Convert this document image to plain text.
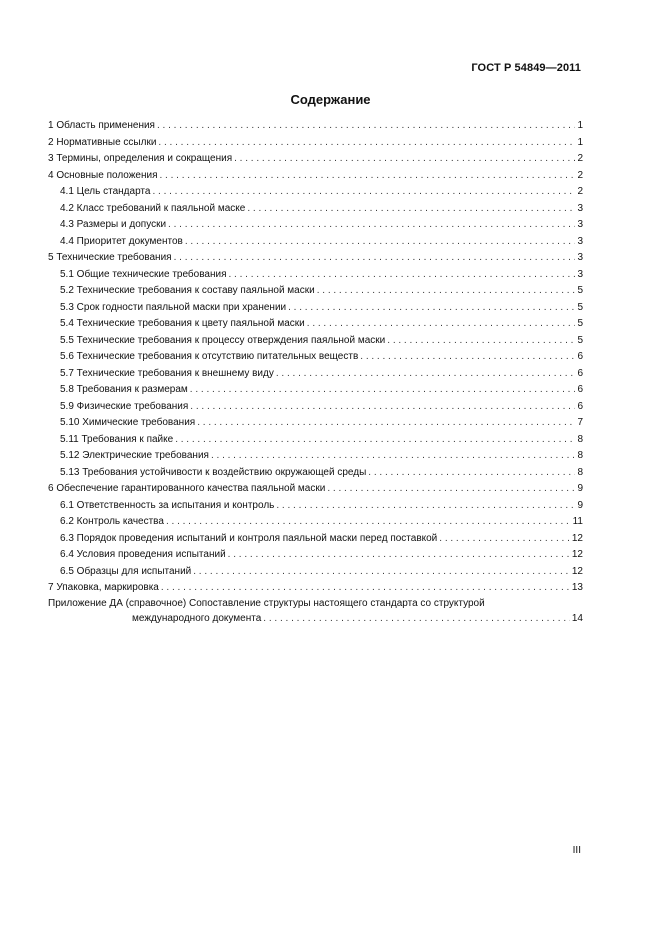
ГОСТ Р 54849—2011
Содержание
1 Область применения . . .	1
2 Нормативные ссылки . . .	1
3 Термины, определения и сокращения . . .	2
4 Основные положения . . .	2
4.1 Цель стандарта . . .	2
4.2 Класс требований к паяльной маске . . .	3
4.3 Размеры и допуски . . .	3
4.4 Приоритет документов . . .	3
5 Технические требования . . .	3
5.1 Общие технические требования . . .	3
5.2 Технические требования к составу паяльной маски . . .	5
5.3 Срок годности паяльной маски при хранении . . .	5
5.4 Технические требования к цвету паяльной маски . . .	5
5.5 Технические требования к процессу отверждения паяльной маски . . .	5
5.6 Технические требования к отсутствию питательных веществ . . .	6
5.7 Технические требования к внешнему виду . . .	6
5.8 Требования к размерам . . .	6
5.9 Физические требования . . .	6
5.10 Химические требования . . .	7
5.11 Требования к пайке . . .	8
5.12 Электрические требования . . .	8
5.13 Требования устойчивости к воздействию окружающей среды . . .	8
6 Обеспечение гарантированного качества паяльной маски . . .	9
6.1 Ответственность за испытания и контроль . . .	9
6.2 Контроль качества . . .	11
6.3 Порядок проведения испытаний и контроля паяльной маски перед поставкой . . .	12
6.4 Условия проведения испытаний . . .	12
6.5 Образцы для испытаний . . .	12
7 Упаковка, маркировка . . .	13
Приложение ДА (справочное) Сопоставление структуры настоящего стандарта со структурой
международного документа . . .	14
III
